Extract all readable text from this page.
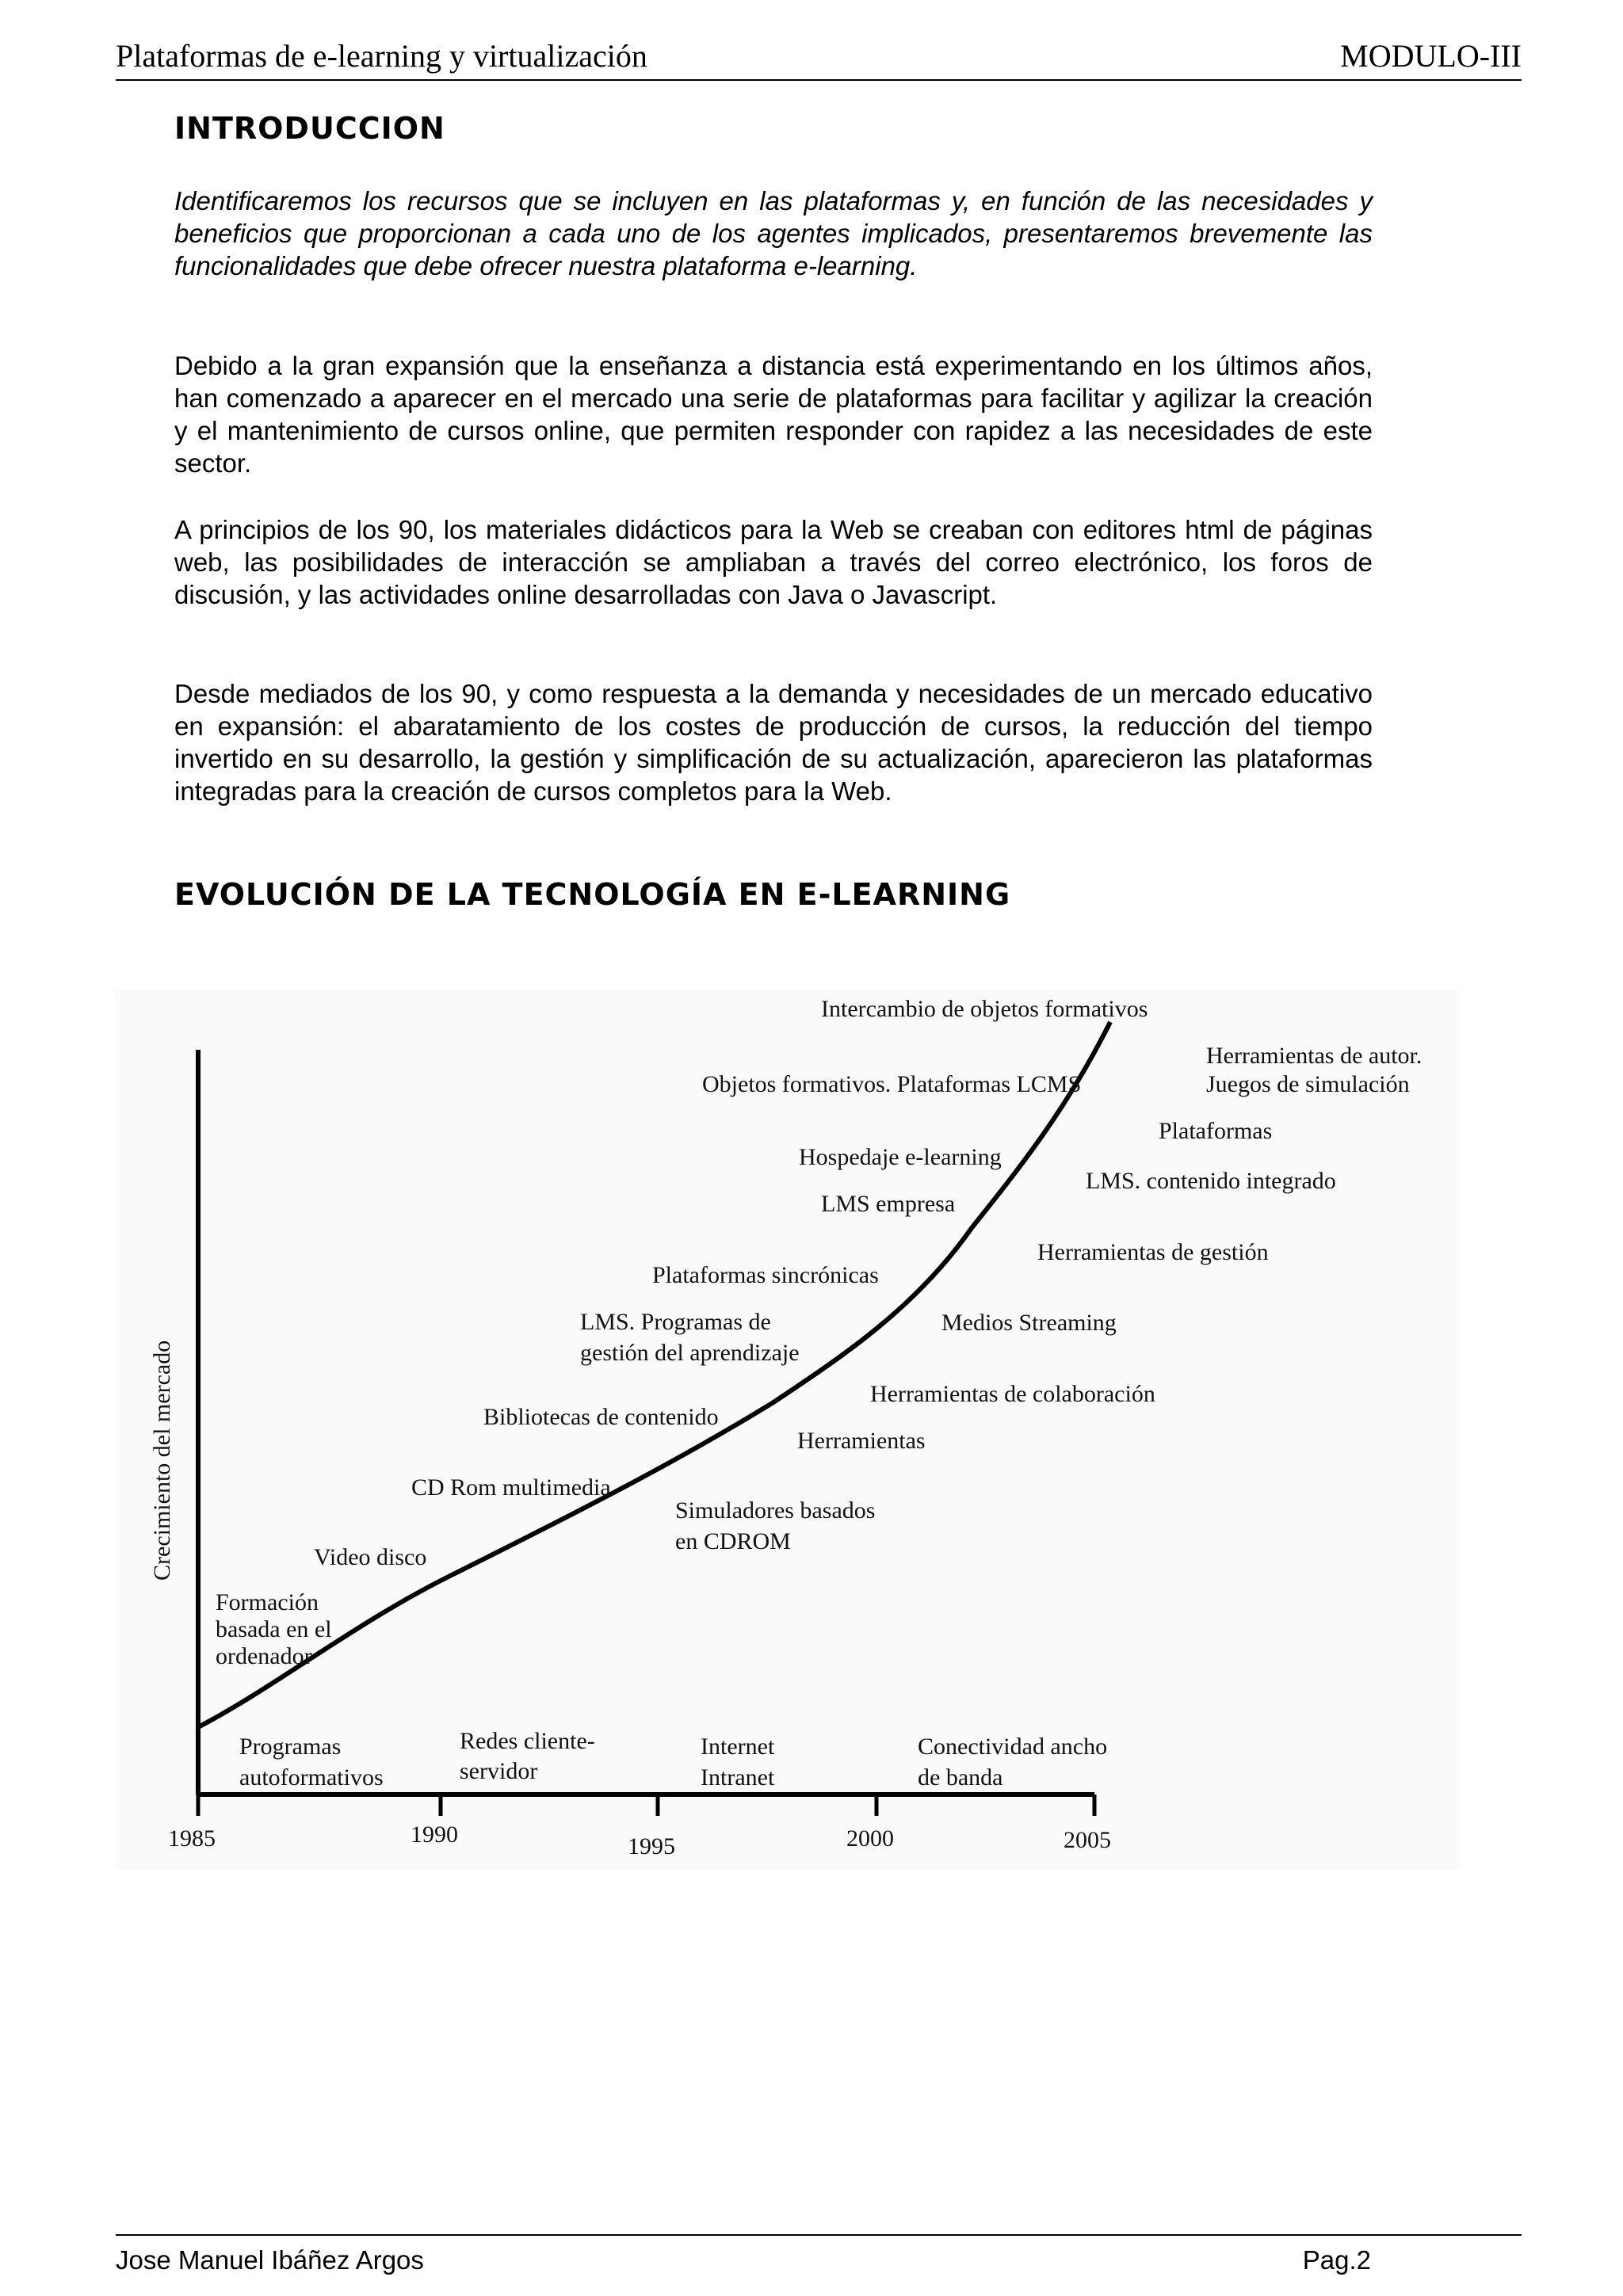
Plataformas de e-learning y virtualización	MODULO-III
INTRODUCCION

Identificaremos los recursos que se incluyen en las plataformas y, en función de las necesidades y beneficios que proporcionan a cada uno de los agentes implicados, presentaremos brevemente las funcionalidades que debe ofrecer nuestra plataforma e-learning.

Debido a la gran expansión que la enseñanza a distancia está experimentando en los últimos años, han comenzado a aparecer en el mercado una serie de plataformas para facilitar y agilizar la creación y el mantenimiento de cursos online, que permiten responder con rapidez a las necesidades de este sector.

A principios de los 90, los materiales didácticos para la Web se creaban con editores html de páginas web, las posibilidades de interacción se ampliaban a través del correo electrónico, los foros de discusión, y las actividades online desarrolladas con Java o Javascript.

Desde mediados de los 90, y como respuesta a la demanda y necesidades de un mercado educativo en expansión: el abaratamiento de los costes de producción de cursos, la reducción del tiempo invertido en su desarrollo, la gestión y simplificación de su actualización, aparecieron las plataformas integradas para la creación de cursos completos para la Web.

EVOLUCIÓN DE LA TECNOLOGÍA EN E-LEARNING
Crecimiento del mercado
1985	1990	1995	2000	2005
Programas
autoformativos
Redes cliente-
servidor
Internet
Intranet
Conectividad ancho
de banda
Formación
basada en el
ordenador
Video disco
CD Rom multimedia
Simuladores basados
en CDROM
Bibliotecas de contenido
Herramientas
Herramientas de colaboración
LMS. Programas de
gestión del aprendizaje
Medios Streaming
Plataformas sincrónicas
Herramientas de gestión
LMS empresa
Hospedaje e-learning
LMS. contenido integrado
Plataformas
Objetos formativos. Plataformas LCMS
Herramientas de autor.
Juegos de simulación
Intercambio de objetos formativos
Jose Manuel Ibáñez Argos	Pag.2
